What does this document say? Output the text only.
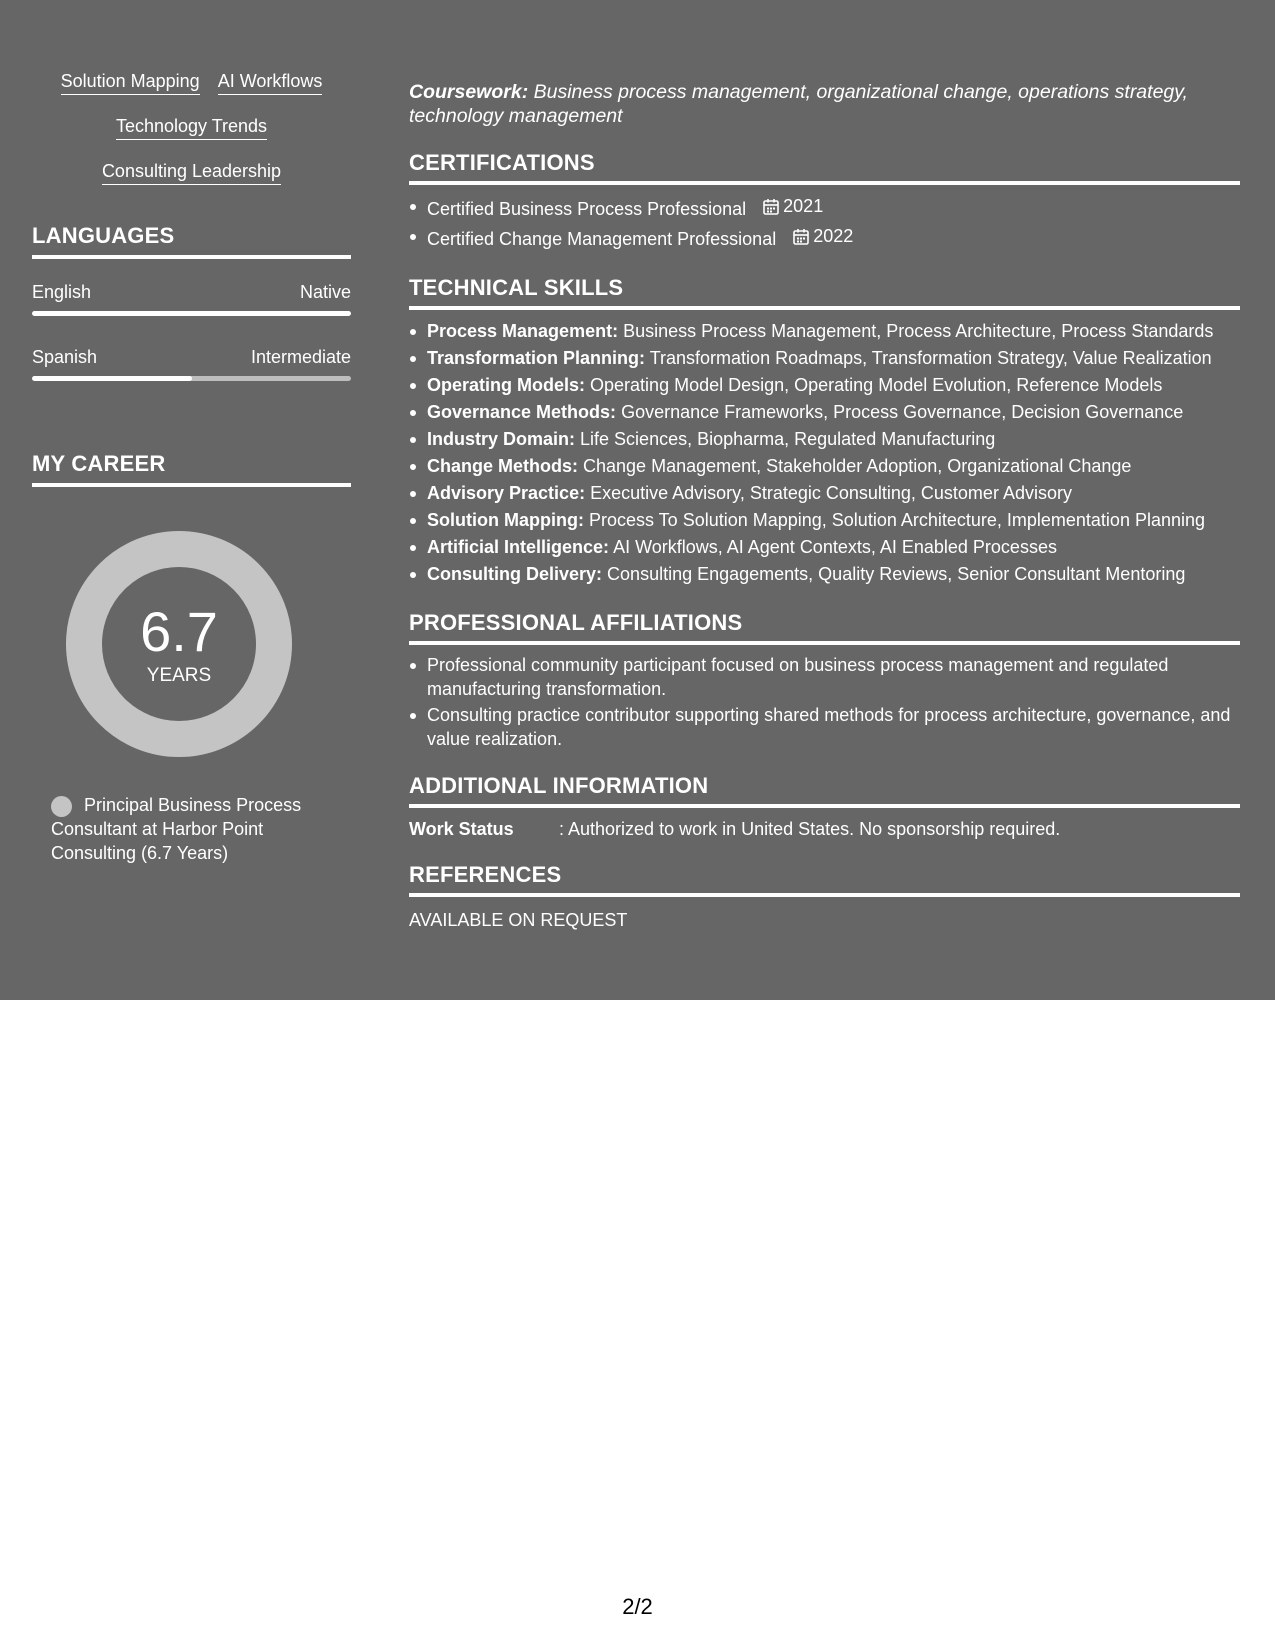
Solution Mapping AI Workflows
Technology Trends
Consulting Leadership
LANGUAGES
English	Native
Spanish	Intermediate
MY CAREER
6.7
YEARS
Principal Business Process Consultant at Harbor Point Consulting (6.7 Years)
Coursework: Business process management, organizational change, operations strategy, technology management
CERTIFICATIONS
Certified Business Process Professional 2021
Certified Change Management Professional 2022
TECHNICAL SKILLS
Process Management: Business Process Management, Process Architecture, Process Standards
Transformation Planning: Transformation Roadmaps, Transformation Strategy, Value Realization
Operating Models: Operating Model Design, Operating Model Evolution, Reference Models
Governance Methods: Governance Frameworks, Process Governance, Decision Governance
Industry Domain: Life Sciences, Biopharma, Regulated Manufacturing
Change Methods: Change Management, Stakeholder Adoption, Organizational Change
Advisory Practice: Executive Advisory, Strategic Consulting, Customer Advisory
Solution Mapping: Process To Solution Mapping, Solution Architecture, Implementation Planning
Artificial Intelligence: AI Workflows, AI Agent Contexts, AI Enabled Processes
Consulting Delivery: Consulting Engagements, Quality Reviews, Senior Consultant Mentoring
PROFESSIONAL AFFILIATIONS
Professional community participant focused on business process management and regulated manufacturing transformation.
Consulting practice contributor supporting shared methods for process architecture, governance, and value realization.
ADDITIONAL INFORMATION
Work Status	: Authorized to work in United States. No sponsorship required.
REFERENCES
AVAILABLE ON REQUEST
2/2
